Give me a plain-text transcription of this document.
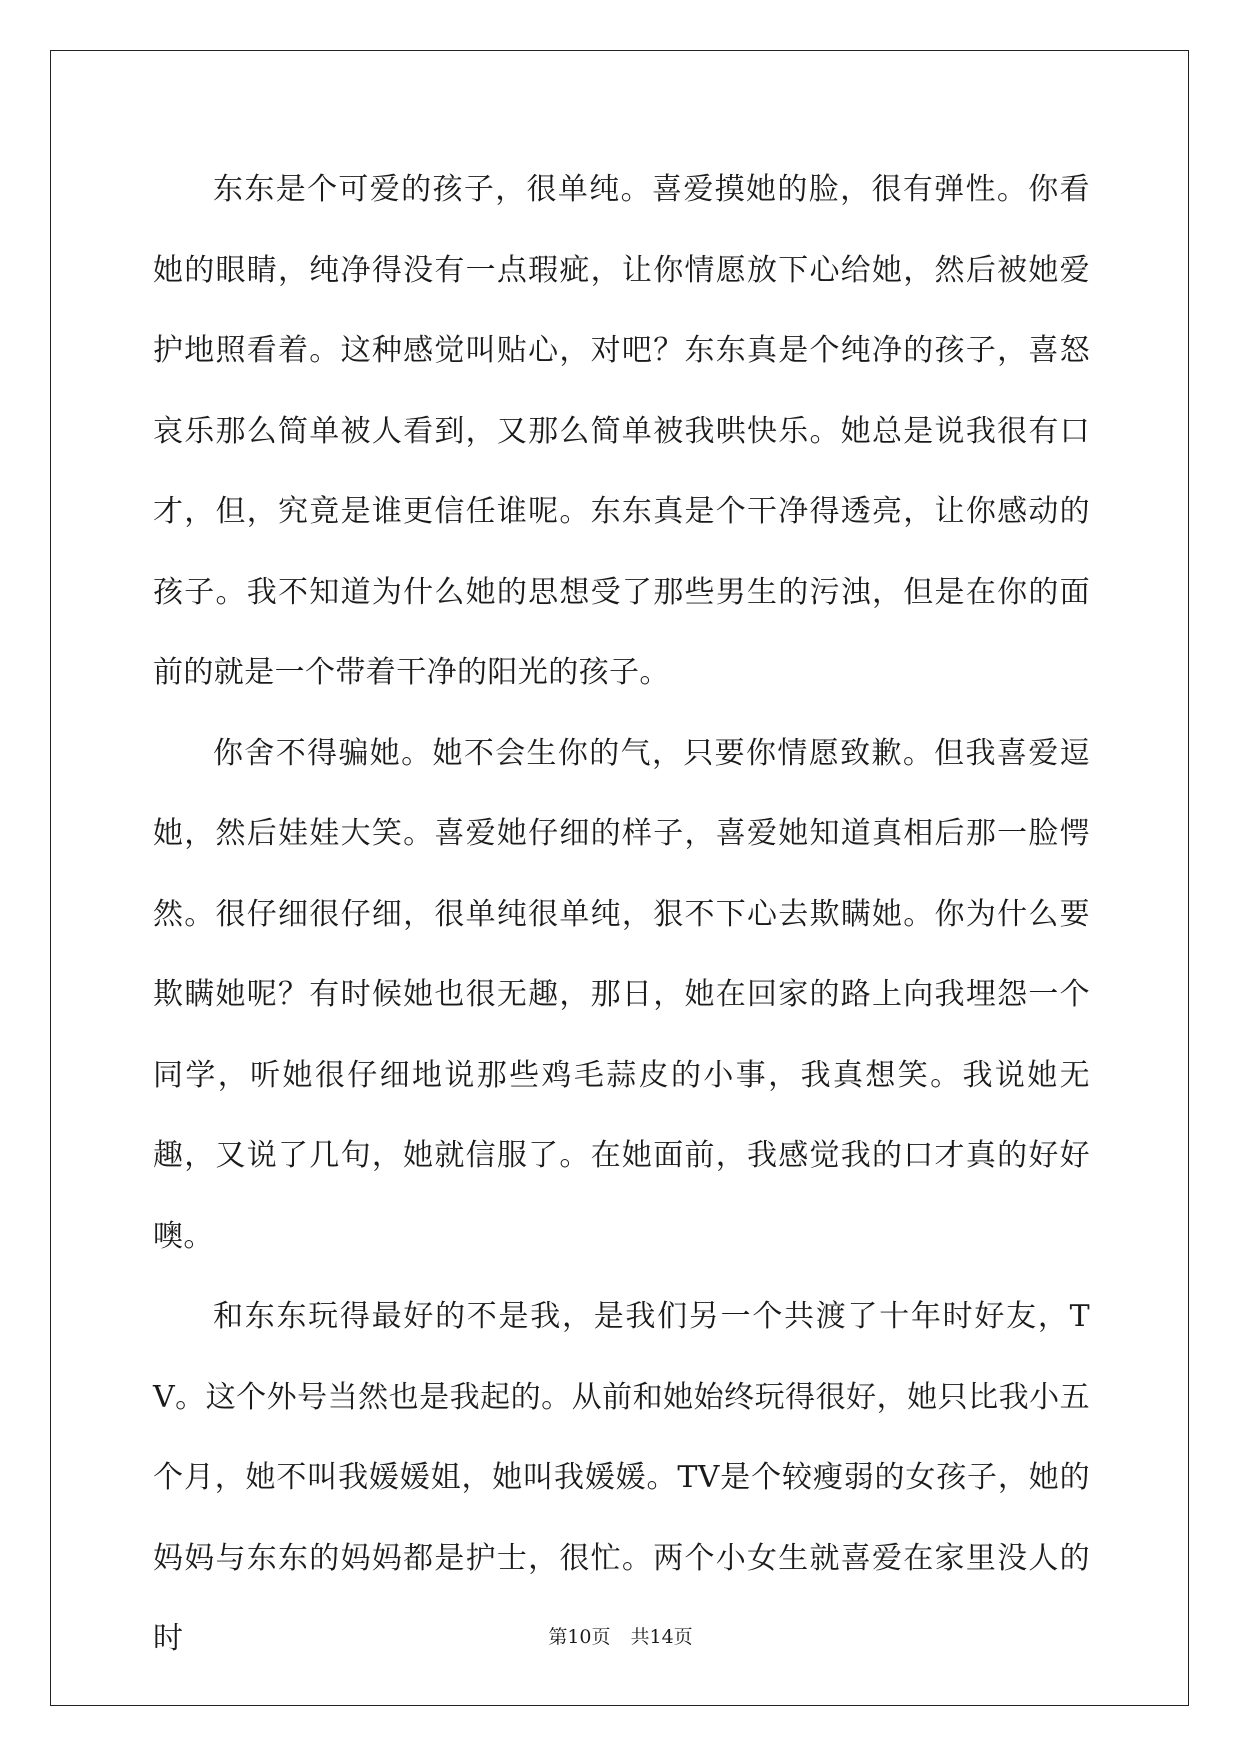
东东是个可爱的孩子，很单纯。喜爱摸她的脸，很有弹性。你看她的眼睛，纯净得没有一点瑕疵，让你情愿放下心给她，然后被她爱护地照看着。这种感觉叫贴心，对吧？东东真是个纯净的孩子，喜怒哀乐那么简单被人看到，又那么简单被我哄快乐。她总是说我很有口才，但，究竟是谁更信任谁呢。东东真是个干净得透亮，让你感动的孩子。我不知道为什么她的思想受了那些男生的污浊，但是在你的面前的就是一个带着干净的阳光的孩子。

你舍不得骗她。她不会生你的气，只要你情愿致歉。但我喜爱逗她，然后娃娃大笑。喜爱她仔细的样子，喜爱她知道真相后那一脸愕然。很仔细很仔细，很单纯很单纯，狠不下心去欺瞒她。你为什么要欺瞒她呢？有时候她也很无趣，那日，她在回家的路上向我埋怨一个同学，听她很仔细地说那些鸡毛蒜皮的小事，我真想笑。我说她无趣，又说了几句，她就信服了。在她面前，我感觉我的口才真的好好噢。

和东东玩得最好的不是我，是我们另一个共渡了十年时好友，TV。这个外号当然也是我起的。从前和她始终玩得很好，她只比我小五个月，她不叫我媛媛姐，她叫我媛媛。TV是个较瘦弱的女孩子，她的妈妈与东东的妈妈都是护士，很忙。两个小女生就喜爱在家里没人的时	第10页 共14页
